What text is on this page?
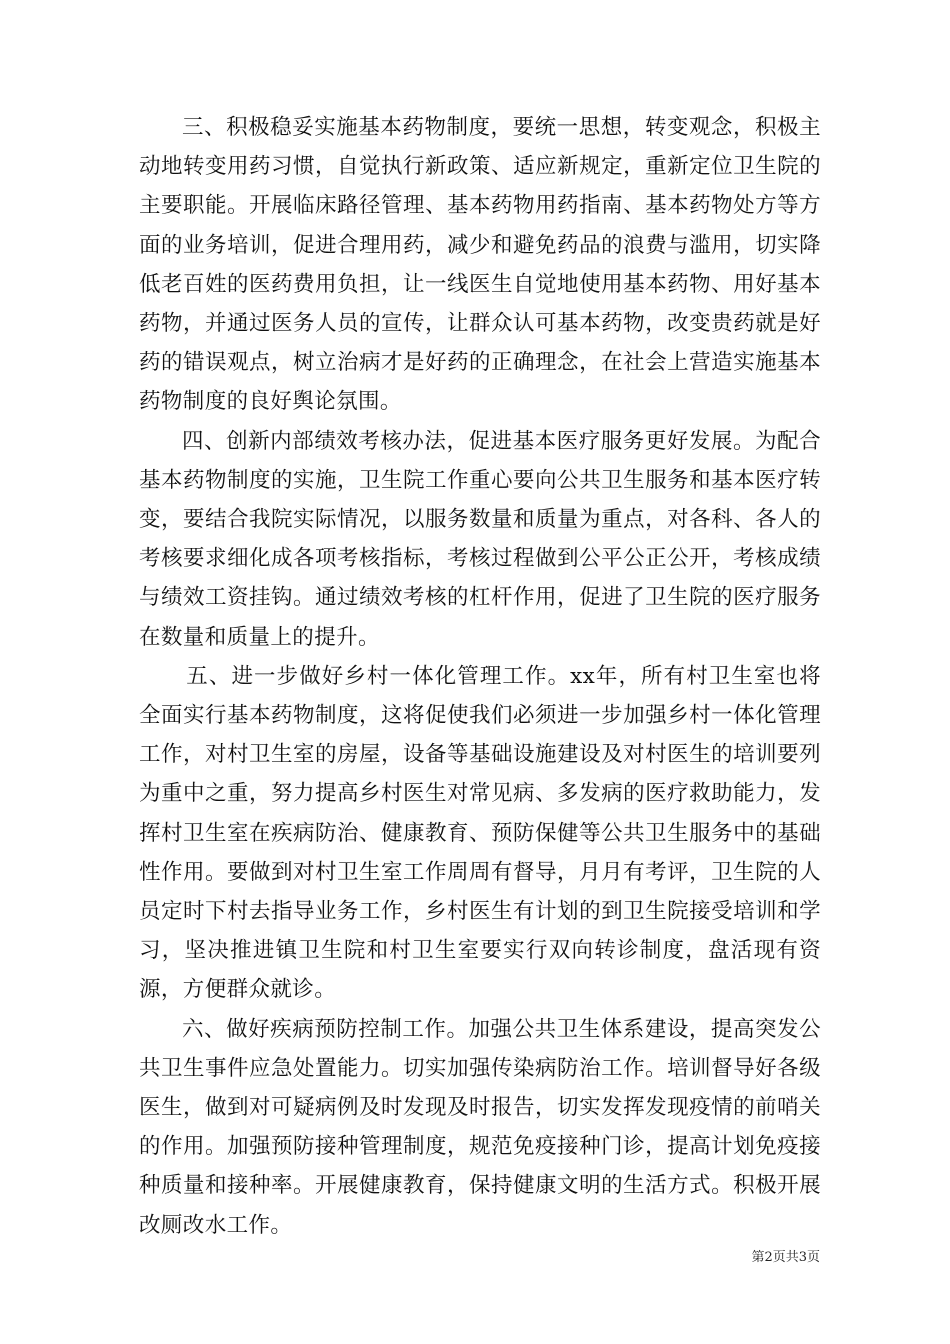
三、积极稳妥实施基本药物制度，要统一思想，转变观念，积极主动地转变用药习惯，自觉执行新政策、适应新规定，重新定位卫生院的主要职能。开展临床路径管理、基本药物用药指南、基本药物处方等方面的业务培训，促进合理用药，减少和避免药品的浪费与滥用，切实降低老百姓的医药费用负担，让一线医生自觉地使用基本药物、用好基本药物，并通过医务人员的宣传，让群众认可基本药物，改变贵药就是好药的错误观点，树立治病才是好药的正确理念，在社会上营造实施基本药物制度的良好舆论氛围。

四、创新内部绩效考核办法，促进基本医疗服务更好发展。为配合基本药物制度的实施，卫生院工作重心要向公共卫生服务和基本医疗转变，要结合我院实际情况，以服务数量和质量为重点，对各科、各人的考核要求细化成各项考核指标，考核过程做到公平公正公开，考核成绩与绩效工资挂钩。通过绩效考核的杠杆作用，促进了卫生院的医疗服务在数量和质量上的提升。

五、进一步做好乡村一体化管理工作。xx年，所有村卫生室也将全面实行基本药物制度，这将促使我们必须进一步加强乡村一体化管理工作，对村卫生室的房屋，设备等基础设施建设及对村医生的培训要列为重中之重，努力提高乡村医生对常见病、多发病的医疗救助能力，发挥村卫生室在疾病防治、健康教育、预防保健等公共卫生服务中的基础性作用。要做到对村卫生室工作周周有督导，月月有考评，卫生院的人员定时下村去指导业务工作，乡村医生有计划的到卫生院接受培训和学习，坚决推进镇卫生院和村卫生室要实行双向转诊制度，盘活现有资源，方便群众就诊。

六、做好疾病预防控制工作。加强公共卫生体系建设，提高突发公共卫生事件应急处置能力。切实加强传染病防治工作。培训督导好各级医生，做到对可疑病例及时发现及时报告，切实发挥发现疫情的前哨关的作用。加强预防接种管理制度，规范免疫接种门诊，提高计划免疫接种质量和接种率。开展健康教育，保持健康文明的生活方式。积极开展改厕改水工作。

第2页共3页
